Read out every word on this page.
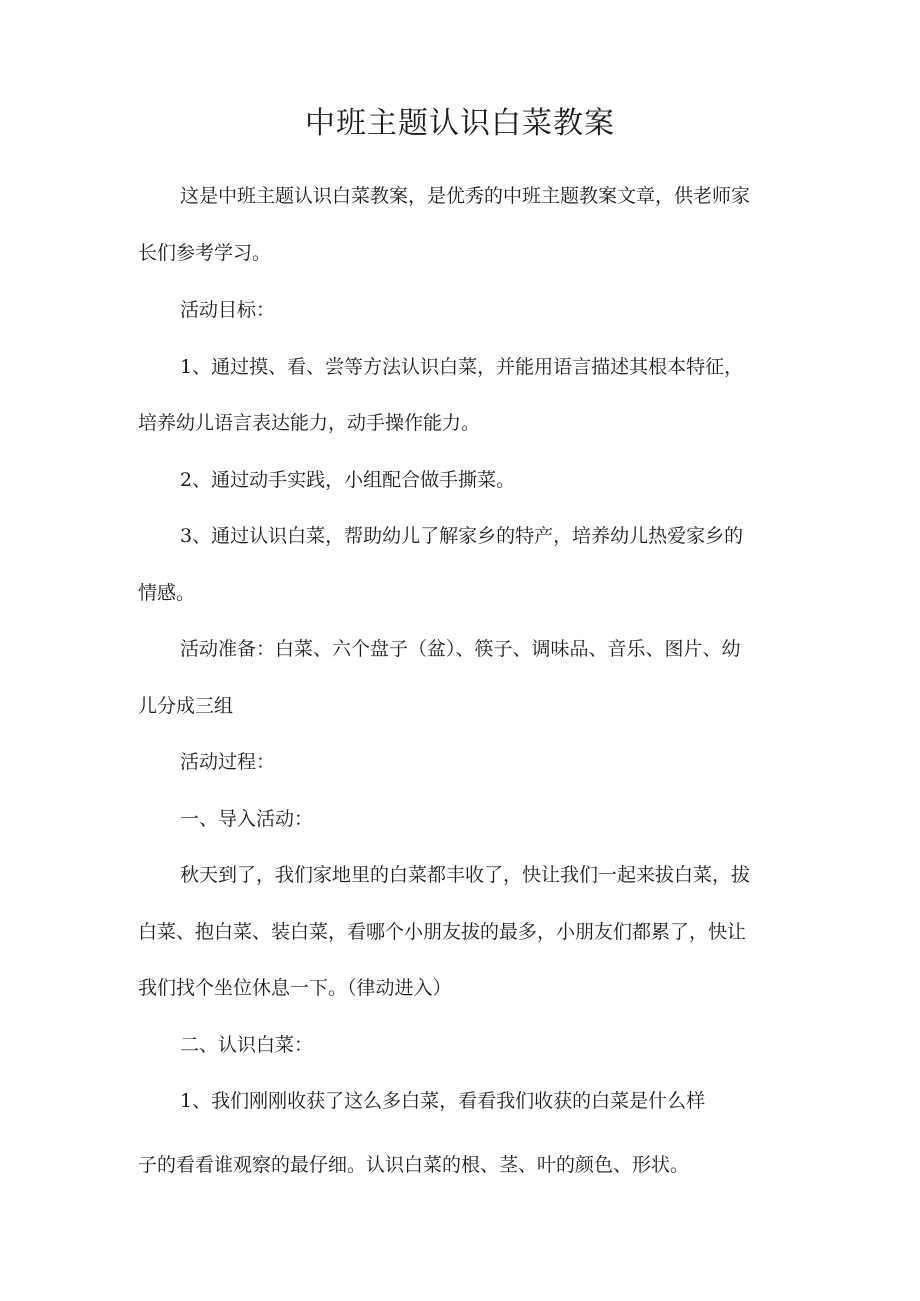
中班主题认识白菜教案

这是中班主题认识白菜教案，是优秀的中班主题教案文章，供老师家

长们参考学习。

活动目标：

1、通过摸、看、尝等方法认识白菜，并能用语言描述其根本特征，

培养幼儿语言表达能力，动手操作能力。

2、通过动手实践，小组配合做手撕菜。

3、通过认识白菜，帮助幼儿了解家乡的特产，培养幼儿热爱家乡的

情感。

活动准备：白菜、六个盘子（盆）、筷子、调味品、音乐、图片、幼

儿分成三组

活动过程：

一、导入活动：

秋天到了，我们家地里的白菜都丰收了，快让我们一起来拔白菜，拔

白菜、抱白菜、装白菜，看哪个小朋友拔的最多，小朋友们都累了，快让

我们找个坐位休息一下。（律动进入）

二、认识白菜：

1、我们刚刚收获了这么多白菜，看看我们收获的白菜是什么样

子的看看谁观察的最仔细。认识白菜的根、茎、叶的颜色、形状。
